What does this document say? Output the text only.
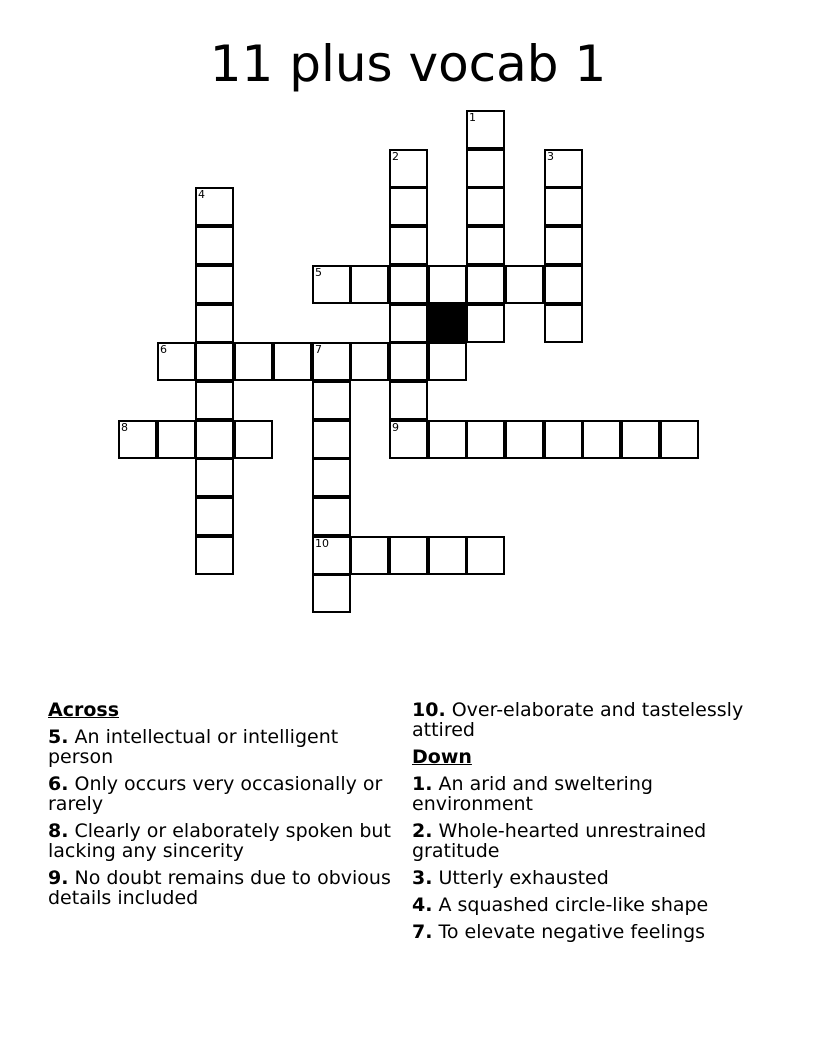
11 plus vocab 1
1
2	3
4
5
6	7
8	9
10
Across
5. An intellectual or intelligent person
6. Only occurs very occasionally or rarely
8. Clearly or elaborately spoken but lacking any sincerity
9. No doubt remains due to obvious details included
10. Over-elaborate and tastelessly attired
Down
1. An arid and sweltering environment
2. Whole-hearted unrestrained gratitude
3. Utterly exhausted
4. A squashed circle-like shape
7. To elevate negative feelings
